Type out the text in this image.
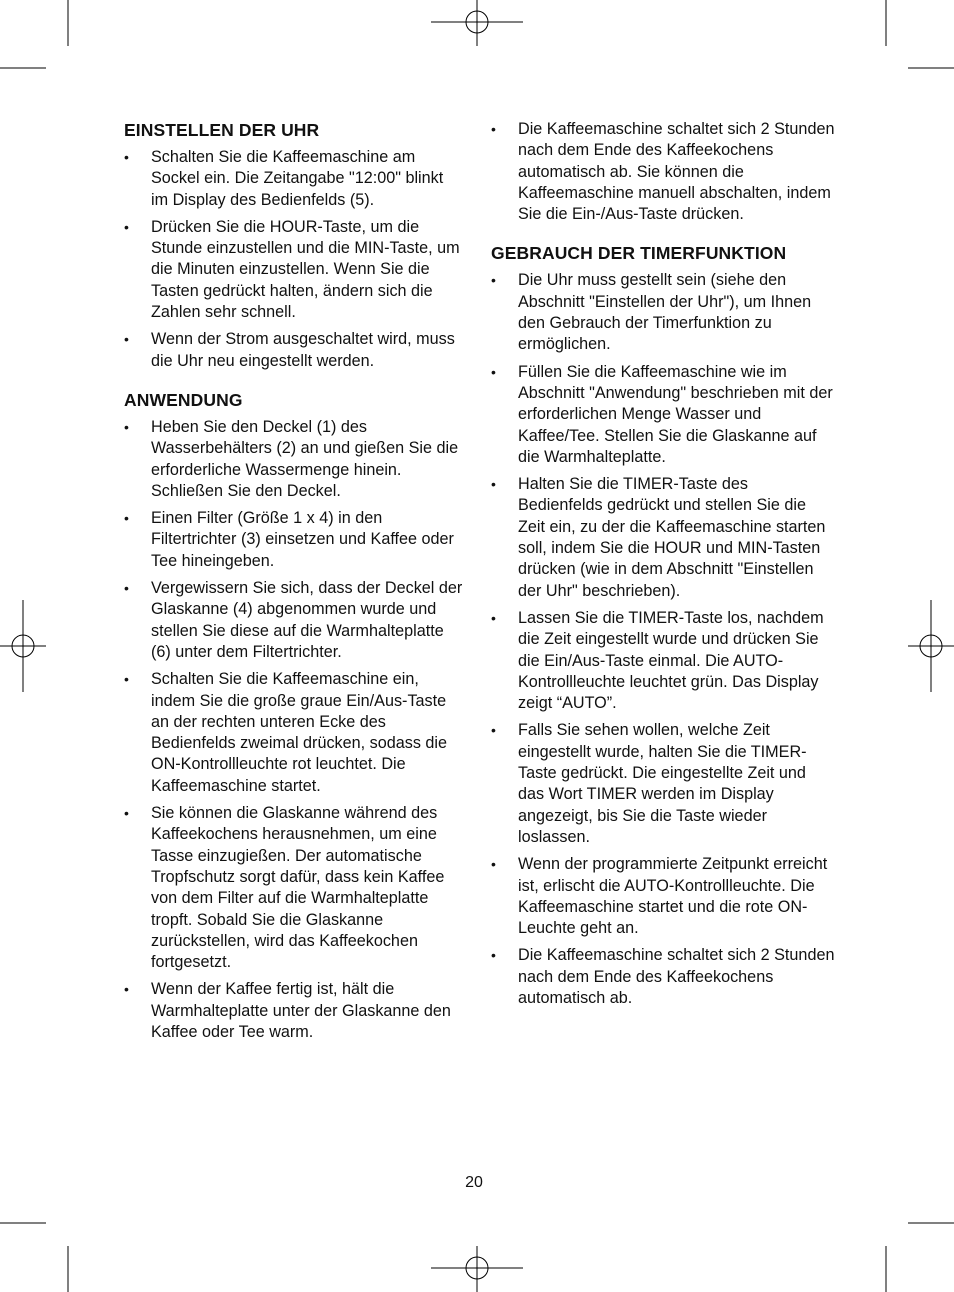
EINSTELLEN DER UHR
• Schalten Sie die Kaffeemaschine am Sockel ein. Die Zeitangabe "12:00" blinkt im Display des Bedienfelds (5).
• Drücken Sie die HOUR-Taste, um die Stunde einzustellen und die MIN-Taste, um die Minuten einzustellen. Wenn Sie die Tasten gedrückt halten, ändern sich die Zahlen sehr schnell.
• Wenn der Strom ausgeschaltet wird, muss die Uhr neu eingestellt werden.
ANWENDUNG
• Heben Sie den Deckel (1) des Wasserbehälters (2) an und gießen Sie die erforderliche Wassermenge hinein. Schließen Sie den Deckel.
• Einen Filter (Größe 1 x 4) in den Filtertrichter (3) einsetzen und Kaffee oder Tee hineingeben.
• Vergewissern Sie sich, dass der Deckel der Glaskanne (4) abgenommen wurde und stellen Sie diese auf die Warmhalteplatte (6) unter dem Filtertrichter.
• Schalten Sie die Kaffeemaschine ein, indem Sie die große graue Ein/Aus-Taste an der rechten unteren Ecke des Bedienfelds zweimal drücken, sodass die ON-Kontrollleuchte rot leuchtet. Die Kaffeemaschine startet.
• Sie können die Glaskanne während des Kaffeekochens herausnehmen, um eine Tasse einzugießen. Der automatische Tropfschutz sorgt dafür, dass kein Kaffee von dem Filter auf die Warmhalteplatte tropft. Sobald Sie die Glaskanne zurückstellen, wird das Kaffeekochen fortgesetzt.
• Wenn der Kaffee fertig ist, hält die Warmhalteplatte unter der Glaskanne den Kaffee oder Tee warm.
• Die Kaffeemaschine schaltet sich 2 Stunden nach dem Ende des Kaffeekochens automatisch ab. Sie können die Kaffeemaschine manuell abschalten, indem Sie die Ein-/Aus-Taste drücken.
GEBRAUCH DER TIMERFUNKTION
• Die Uhr muss gestellt sein (siehe den Abschnitt "Einstellen der Uhr"), um Ihnen den Gebrauch der Timerfunktion zu ermöglichen.
• Füllen Sie die Kaffeemaschine wie im Abschnitt "Anwendung" beschrieben mit der erforderlichen Menge Wasser und Kaffee/Tee. Stellen Sie die Glaskanne auf die Warmhalteplatte.
• Halten Sie die TIMER-Taste des Bedienfelds gedrückt und stellen Sie die Zeit ein, zu der die Kaffeemaschine starten soll, indem Sie die HOUR und MIN-Tasten drücken (wie in dem Abschnitt "Einstellen der Uhr" beschrieben).
• Lassen Sie die TIMER-Taste los, nachdem die Zeit eingestellt wurde und drücken Sie die Ein/Aus-Taste einmal. Die AUTO-Kontrollleuchte leuchtet grün. Das Display zeigt “AUTO”.
• Falls Sie sehen wollen, welche Zeit eingestellt wurde, halten Sie die TIMER-Taste gedrückt. Die eingestellte Zeit und das Wort TIMER werden im Display angezeigt, bis Sie die Taste wieder loslassen.
• Wenn der programmierte Zeitpunkt erreicht ist, erlischt die AUTO-Kontrollleuchte. Die Kaffeemaschine startet und die rote ON-Leuchte geht an.
• Die Kaffeemaschine schaltet sich 2 Stunden nach dem Ende des Kaffeekochens automatisch ab.
20
